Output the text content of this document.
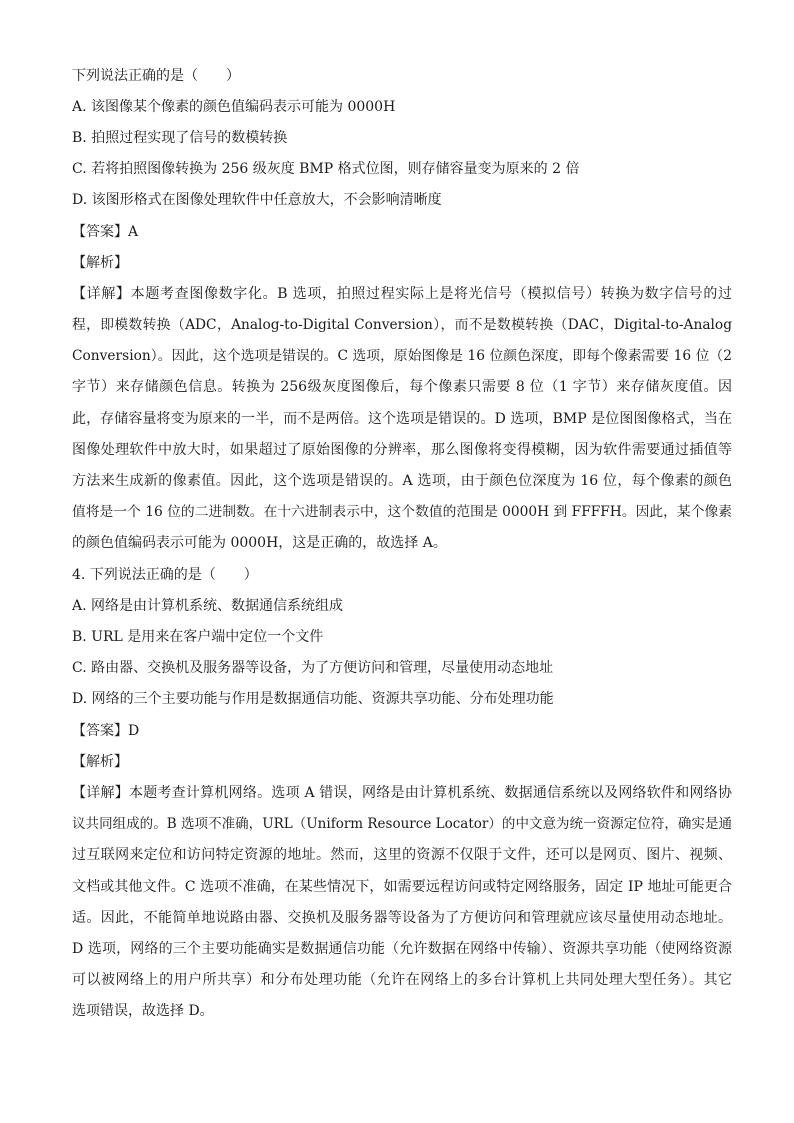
下列说法正确的是（　　）
A. 该图像某个像素的颜色值编码表示可能为 0000H
B. 拍照过程实现了信号的数模转换
C. 若将拍照图像转换为 256 级灰度 BMP 格式位图，则存储容量变为原来的 2 倍
D. 该图形格式在图像处理软件中任意放大，不会影响清晰度
【答案】A
【解析】
【详解】本题考查图像数字化。B 选项，拍照过程实际上是将光信号（模拟信号）转换为数字信号的过
程，即模数转换（ADC，Analog-to-Digital Conversion），而不是数模转换（DAC，Digital-to-Analog
Conversion）。因此，这个选项是错误的。C 选项，原始图像是 16 位颜色深度，即每个像素需要 16 位（2
字节）来存储颜色信息。转换为 256级灰度图像后，每个像素只需要 8 位（1 字节）来存储灰度值。因
此，存储容量将变为原来的一半，而不是两倍。这个选项是错误的。D 选项，BMP 是位图图像格式，当在
图像处理软件中放大时，如果超过了原始图像的分辨率，那么图像将变得模糊，因为软件需要通过插值等
方法来生成新的像素值。因此，这个选项是错误的。A 选项，由于颜色位深度为 16 位，每个像素的颜色
值将是一个 16 位的二进制数。在十六进制表示中，这个数值的范围是 0000H 到 FFFFH。因此，某个像素
的颜色值编码表示可能为 0000H，这是正确的，故选择 A。
4. 下列说法正确的是（　　）
A. 网络是由计算机系统、数据通信系统组成
B. URL 是用来在客户端中定位一个文件
C. 路由器、交换机及服务器等设备，为了方便访问和管理，尽量使用动态地址
D. 网络的三个主要功能与作用是数据通信功能、资源共享功能、分布处理功能
【答案】D
【解析】
【详解】本题考查计算机网络。选项 A 错误，网络是由计算机系统、数据通信系统以及网络软件和网络协
议共同组成的。B 选项不准确，URL（Uniform Resource Locator）的中文意为统一资源定位符，确实是通
过互联网来定位和访问特定资源的地址。然而，这里的资源不仅限于文件，还可以是网页、图片、视频、
文档或其他文件。C 选项不准确，在某些情况下，如需要远程访问或特定网络服务，固定 IP 地址可能更合
适。因此，不能简单地说路由器、交换机及服务器等设备为了方便访问和管理就应该尽量使用动态地址。
D 选项，网络的三个主要功能确实是数据通信功能（允许数据在网络中传输）、资源共享功能（使网络资源
可以被网络上的用户所共享）和分布处理功能（允许在网络上的多台计算机上共同处理大型任务）。其它
选项错误，故选择 D。
